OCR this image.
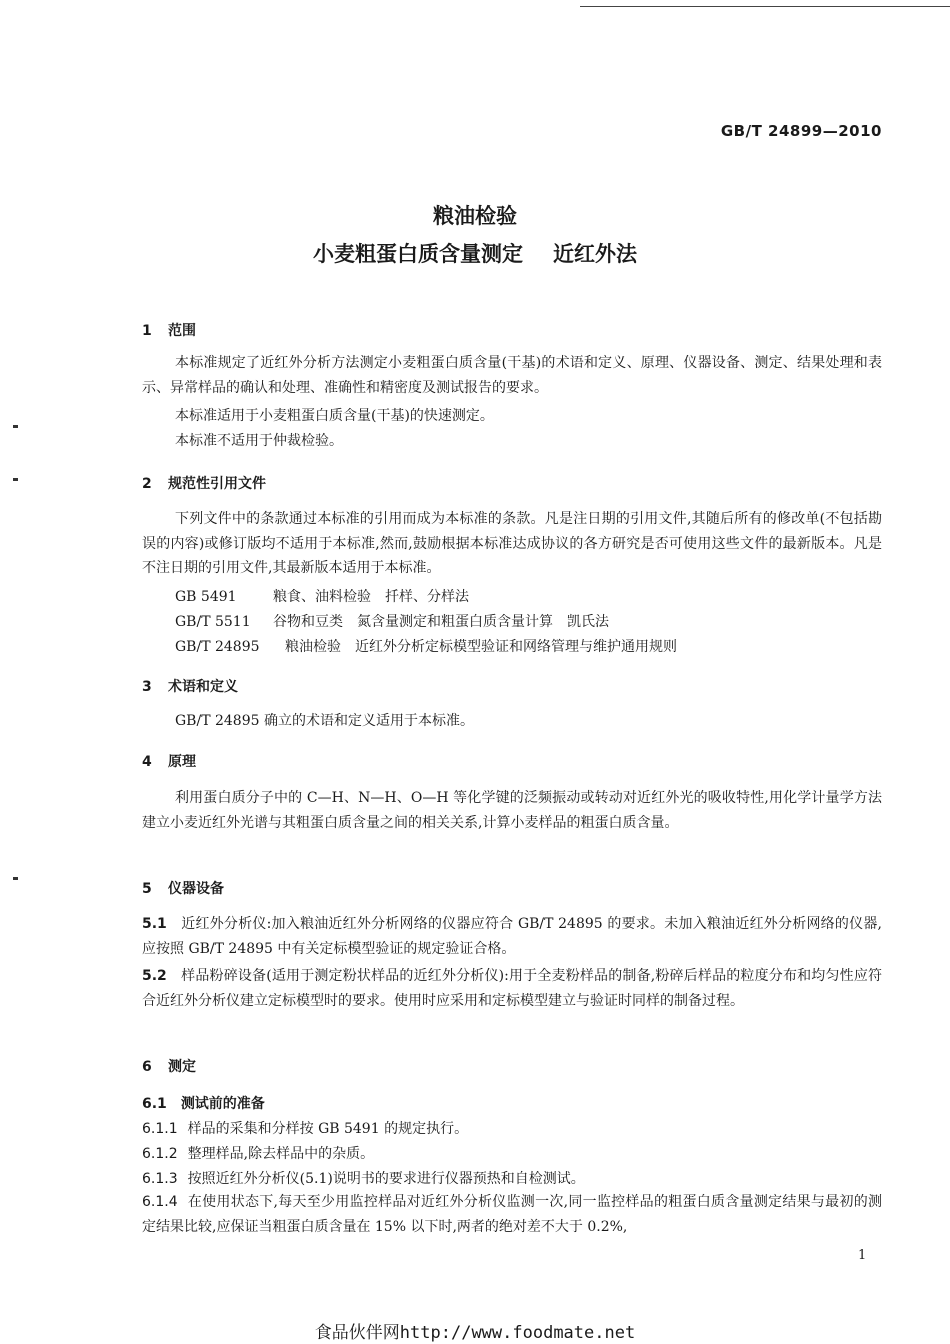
GB/T 24899—2010
粮油检验
小麦粗蛋白质含量测定 近红外法
1 范围
本标准规定了近红外分析方法测定小麦粗蛋白质含量(干基)的术语和定义、原理、仪器设备、测定、结果处理和表示、异常样品的确认和处理、准确性和精密度及测试报告的要求。
本标准适用于小麦粗蛋白质含量(干基)的快速测定。
本标准不适用于仲裁检验。
2 规范性引用文件
下列文件中的条款通过本标准的引用而成为本标准的条款。凡是注日期的引用文件,其随后所有的修改单(不包括勘误的内容)或修订版均不适用于本标准,然而,鼓励根据本标准达成协议的各方研究是否可使用这些文件的最新版本。凡是不注日期的引用文件,其最新版本适用于本标准。
GB 5491	粮食、油料检验　扦样、分样法
GB/T 5511 谷物和豆类　氮含量测定和粗蛋白质含量计算　凯氏法
GB/T 24895 粮油检验　近红外分析定标模型验证和网络管理与维护通用规则
3 术语和定义
GB/T 24895 确立的术语和定义适用于本标准。
4 原理
利用蛋白质分子中的 C—H、N—H、O—H 等化学键的泛频振动或转动对近红外光的吸收特性,用化学计量学方法建立小麦近红外光谱与其粗蛋白质含量之间的相关关系,计算小麦样品的粗蛋白质含量。
5 仪器设备
5.1　 近红外分析仪:加入粮油近红外分析网络的仪器应符合 GB/T 24895 的要求。未加入粮油近红外分析网络的仪器,应按照 GB/T 24895 中有关定标模型验证的规定验证合格。
5.2　 样品粉碎设备(适用于测定粉状样品的近红外分析仪):用于全麦粉样品的制备,粉碎后样品的粒度分布和均匀性应符合近红外分析仪建立定标模型时的要求。使用时应采用和定标模型建立与验证时同样的制备过程。
6 测定
6.1 测试前的准备
6.1.1 样品的采集和分样按 GB 5491 的规定执行。
6.1.2 整理样品,除去样品中的杂质。
6.1.3 按照近红外分析仪(5.1)说明书的要求进行仪器预热和自检测试。
6.1.4 在使用状态下,每天至少用监控样品对近红外分析仪监测一次,同一监控样品的粗蛋白质含量测定结果与最初的测定结果比较,应保证当粗蛋白质含量在 15% 以下时,两者的绝对差不大于 0.2%,
1
食品伙伴网http://www.foodmate.net
